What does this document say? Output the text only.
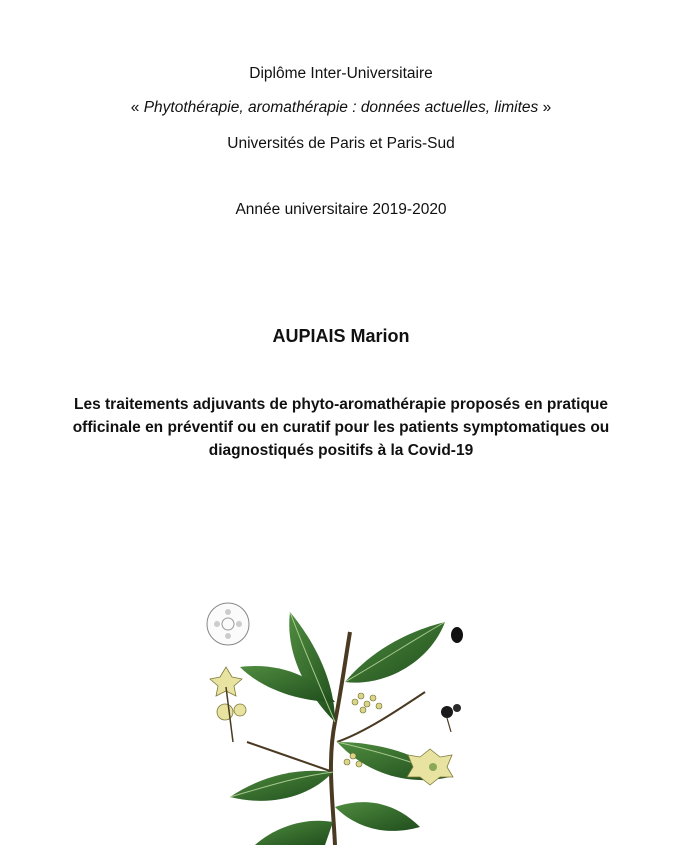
Diplôme Inter-Universitaire
« Phytothérapie, aromathérapie : données actuelles, limites »
Universités de Paris et Paris-Sud
Année universitaire 2019-2020
AUPIAIS Marion
Les traitements adjuvants de phyto-aromathérapie proposés en pratique officinale en préventif ou en curatif pour les patients symptomatiques ou diagnostiqués positifs à la Covid-19
